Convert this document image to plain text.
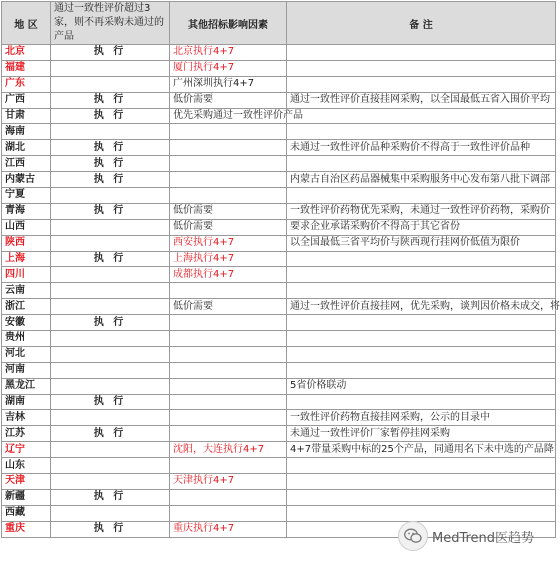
地 区	通过一致性评价超过3家，则不再采购未通过的产品	其他招标影响因素	备 注
北京	执 行	北京执行4+7	
福建		厦门执行4+7	
广东		广州深圳执行4+7	
广西	执 行	低价需要	通过一致性评价直接挂网采购，以全国最低五省入围价平均
甘肃	执 行	优先采购通过一致性评价产品	
海南			
湖北	执 行		未通过一致性评价品种采购价不得高于一致性评价品种
江西	执 行		
内蒙古	执 行		内蒙古自治区药品器械集中采购服务中心发布第八批下调部
宁夏			
青海	执 行	低价需要	一致性评价药物优先采购，未通过一致性评价药物，采购价
山西		低价需要	要求企业承诺采购价不得高于其它省份
陕西		西安执行4+7	以全国最低三省平均价与陕西现行挂网价低值为限价
上海	执 行	上海执行4+7	
四川		成都执行4+7	
云南			
浙江		低价需要	通过一致性评价直接挂网，优先采购，谈判因价格未成交，将
安徽	执 行		
贵州			
河北			
河南			
黑龙江			5省价格联动
湖南	执 行		
吉林			一致性评价药物直接挂网采购，公示的目录中
江苏	执 行		未通过一致性评价厂家暂停挂网采购
辽宁		沈阳，大连执行4+7	4+7带量采购中标的25个产品，同通用名下未中选的产品降
山东			
天津		天津执行4+7	
新疆	执 行		
西藏			
重庆	执 行	重庆执行4+7	
MedTrend医趋势
